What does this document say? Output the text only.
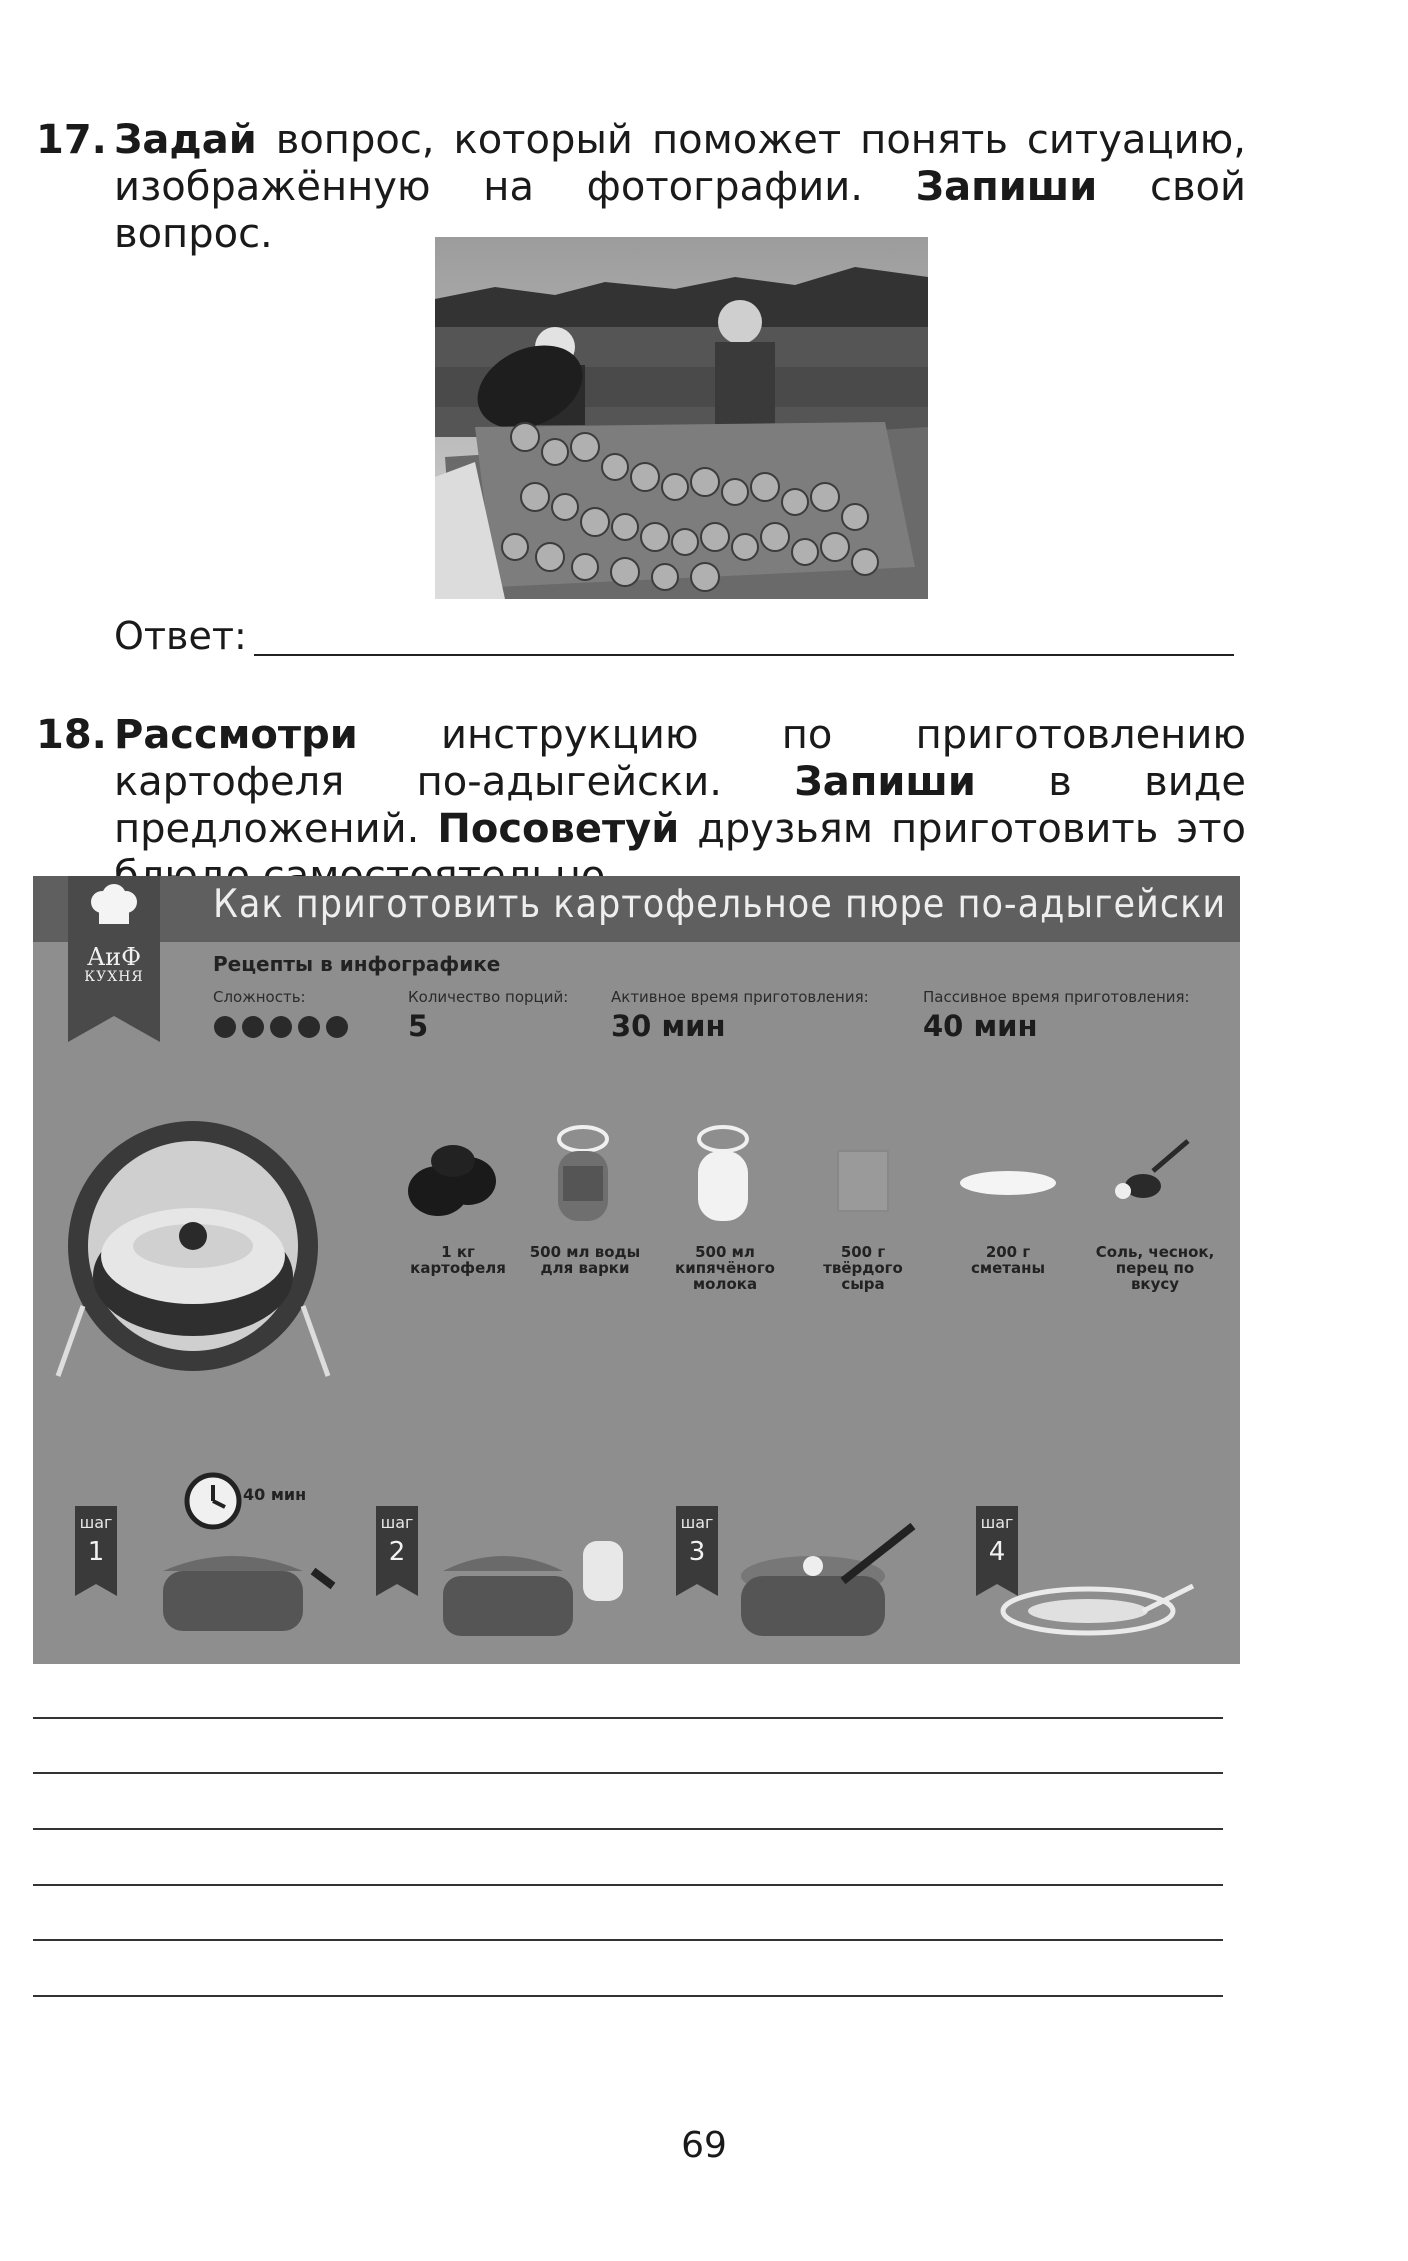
17. Задай вопрос, который поможет понять ситуацию, изображённую на фотографии. Запиши свой вопрос.
Ответ:
18. Рассмотри инструкцию по приготовлению картофеля по-адыгейски. Запиши в виде предложений. Посоветуй друзьям приготовить это
Как приготовить картофельное пюре по-адыгейски
Рецепты в инфографике
АиФ
КУХНЯ
Сложность:	Количество порций:
5
Активное время приготовления:
30 мин
Пассивное время приготовления:
40 мин
1 кг
картофеля
500 мл воды
для варки
500 мл
кипячёного
молока
500 г твёрдого
сыра
200 г
сметаны
Соль, чеснок,
перец по вкусу
шаг
1
шаг
2
шаг
3
шаг
4
40 мин
69
